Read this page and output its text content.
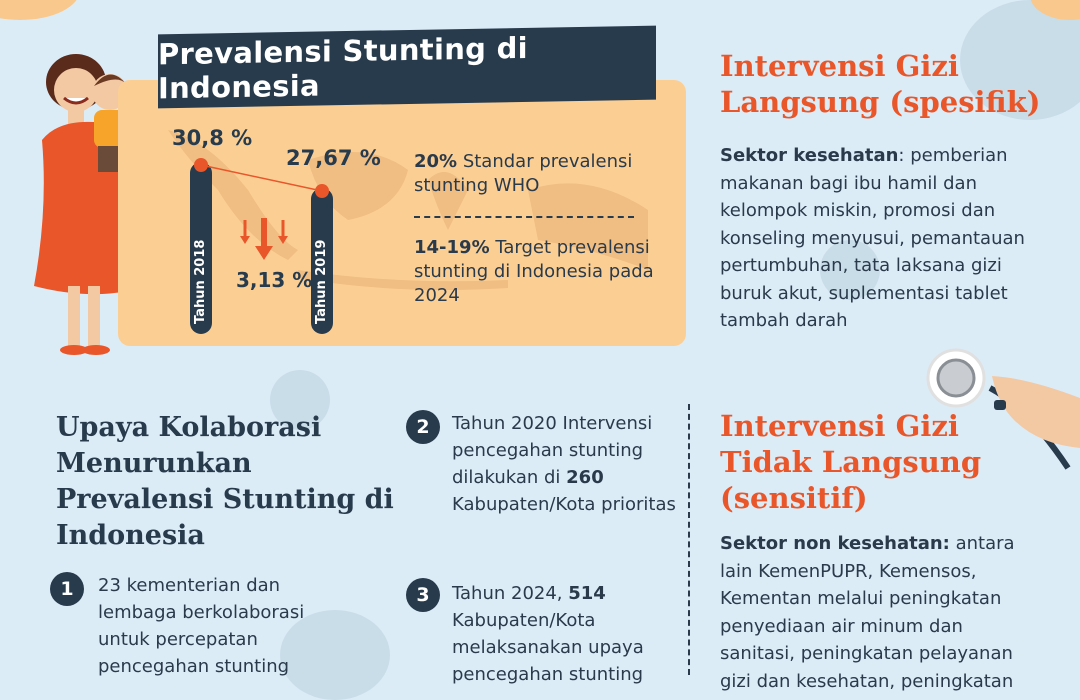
Prevalensi Stunting di Indonesia
30,8 %
27,67 %
Tahun 2018	Tahun 2019
3,13 %
20% Standar prevalensi stunting WHO
14-19% Target prevalensi stunting di Indonesia pada 2024
Intervensi Gizi
Langsung (spesifik)
Sektor kesehatan: pemberian makanan bagi ibu hamil dan kelompok miskin, promosi dan konseling menyusui, pemantauan pertumbuhan, tata laksana gizi buruk akut, suplementasi tablet tambah darah
Intervensi Gizi
Tidak Langsung
(sensitif)
Sektor non kesehatan: antara lain KemenPUPR, Kemensos, Kementan melalui peningkatan penyediaan air minum dan sanitasi, peningkatan pelayanan gizi dan kesehatan, peningkatan
Upaya Kolaborasi Menurunkan Prevalensi Stunting di Indonesia
1	23 kementerian dan lembaga berkolaborasi untuk percepatan pencegahan stunting
2	Tahun 2020 Intervensi pencegahan stunting dilakukan di 260 Kabupaten/Kota prioritas
3	Tahun 2024, 514 Kabupaten/Kota melaksanakan upaya pencegahan stunting
